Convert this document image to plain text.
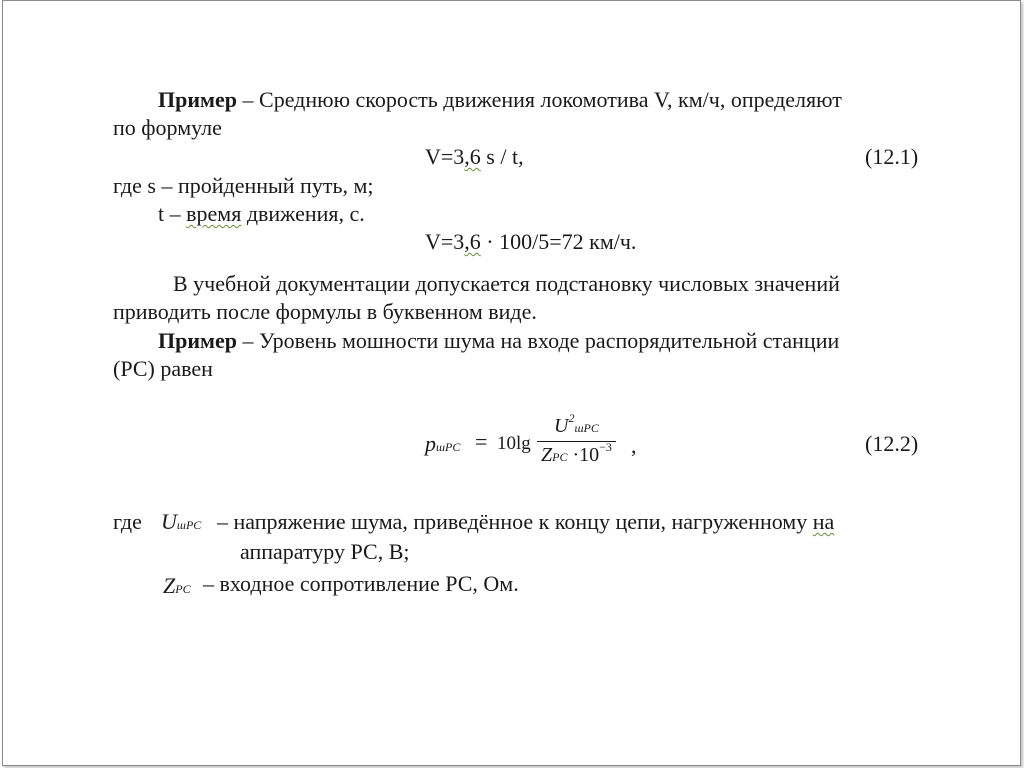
Пример – Среднюю скорость движения локомотива V, км/ч, определяют
по формуле
V=3,6 s / t,	(12.1)
где s – пройденный путь, м;
t – время движения, с.
V=3,6 · 100/5=72 км/ч.
В учебной документации допускается подстановку числовых значений
приводить после формулы в буквенном виде.
Пример – Уровень мошности шума на входе распорядительной станции
(РС) равен
pшРС = 10lg
$U^2шРС$
ZРС $\cdot 10^{-3}$ ,	(12.2)
где UшРС – напряжение шума, приведённое к концу цепи, нагруженному на
аппаратуру РС, В;
ZРС – входное сопротивление РС, Ом.
